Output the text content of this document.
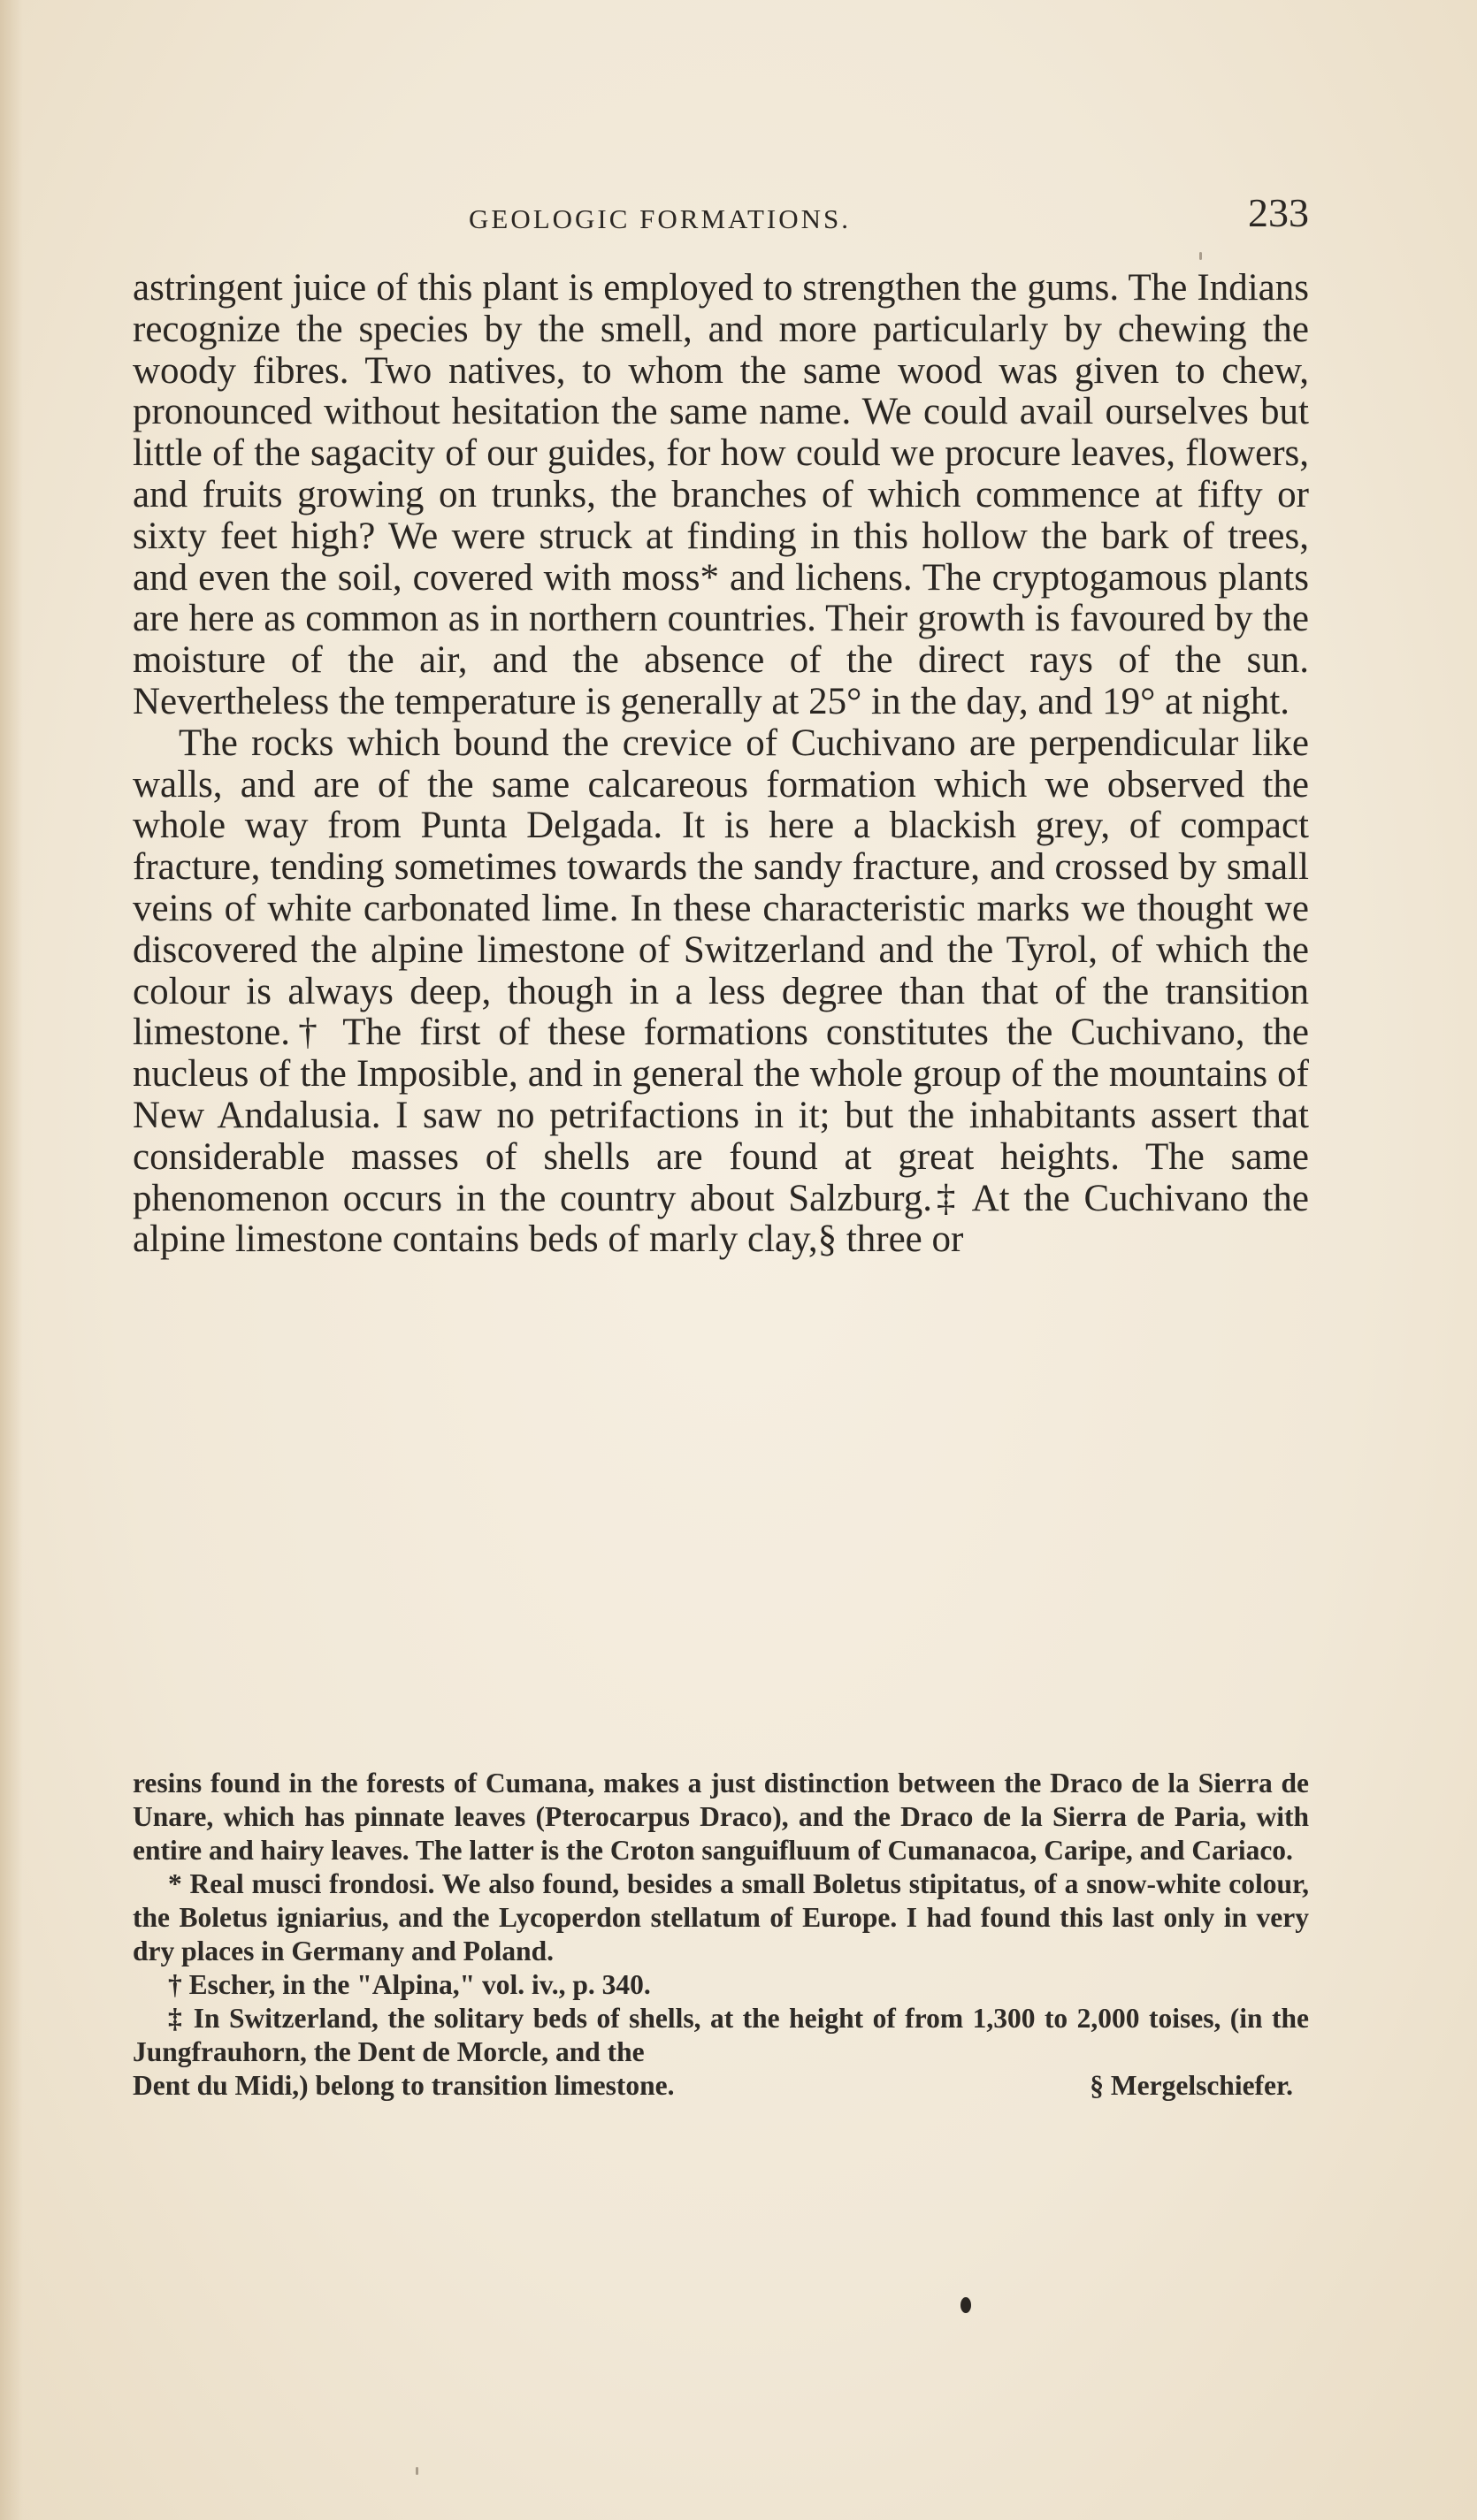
GEOLOGIC FORMATIONS.	233

astringent juice of this plant is employed to strengthen the gums. The Indians recognize the species by the smell, and more particularly by chewing the woody fibres. Two natives, to whom the same wood was given to chew, pronounced without hesitation the same name. We could avail ourselves but little of the sagacity of our guides, for how could we procure leaves, flowers, and fruits growing on trunks, the branches of which commence at fifty or sixty feet high? We were struck at finding in this hollow the bark of trees, and even the soil, covered with moss* and lichens. The cryptogamous plants are here as common as in northern countries. Their growth is favoured by the moisture of the air, and the absence of the direct rays of the sun. Nevertheless the temperature is generally at 25° in the day, and 19° at night.

The rocks which bound the crevice of Cuchivano are perpendicular like walls, and are of the same calcareous formation which we observed the whole way from Punta Delgada. It is here a blackish grey, of compact fracture, tending sometimes towards the sandy fracture, and crossed by small veins of white carbonated lime. In these characteristic marks we thought we discovered the alpine limestone of Switzerland and the Tyrol, of which the colour is always deep, though in a less degree than that of the transition limestone.† The first of these formations constitutes the Cuchivano, the nucleus of the Imposible, and in general the whole group of the mountains of New Andalusia. I saw no petrifactions in it; but the inhabitants assert that considerable masses of shells are found at great heights. The same phenomenon occurs in the country about Salzburg.‡ At the Cuchivano the alpine limestone contains beds of marly clay,§ three or

resins found in the forests of Cumana, makes a just distinction between the Draco de la Sierra de Unare, which has pinnate leaves (Pterocarpus Draco), and the Draco de la Sierra de Paria, with entire and hairy leaves. The latter is the Croton sanguifluum of Cumanacoa, Caripe, and Cariaco.

* Real musci frondosi. We also found, besides a small Boletus stipitatus, of a snow-white colour, the Boletus igniarius, and the Lycoperdon stellatum of Europe. I had found this last only in very dry places in Germany and Poland.

† Escher, in the "Alpina," vol. iv., p. 340.

‡ In Switzerland, the solitary beds of shells, at the height of from 1,300 to 2,000 toises, (in the Jungfrauhorn, the Dent de Morcle, and the

Dent du Midi,) belong to transition limestone.	§ Mergelschiefer.
